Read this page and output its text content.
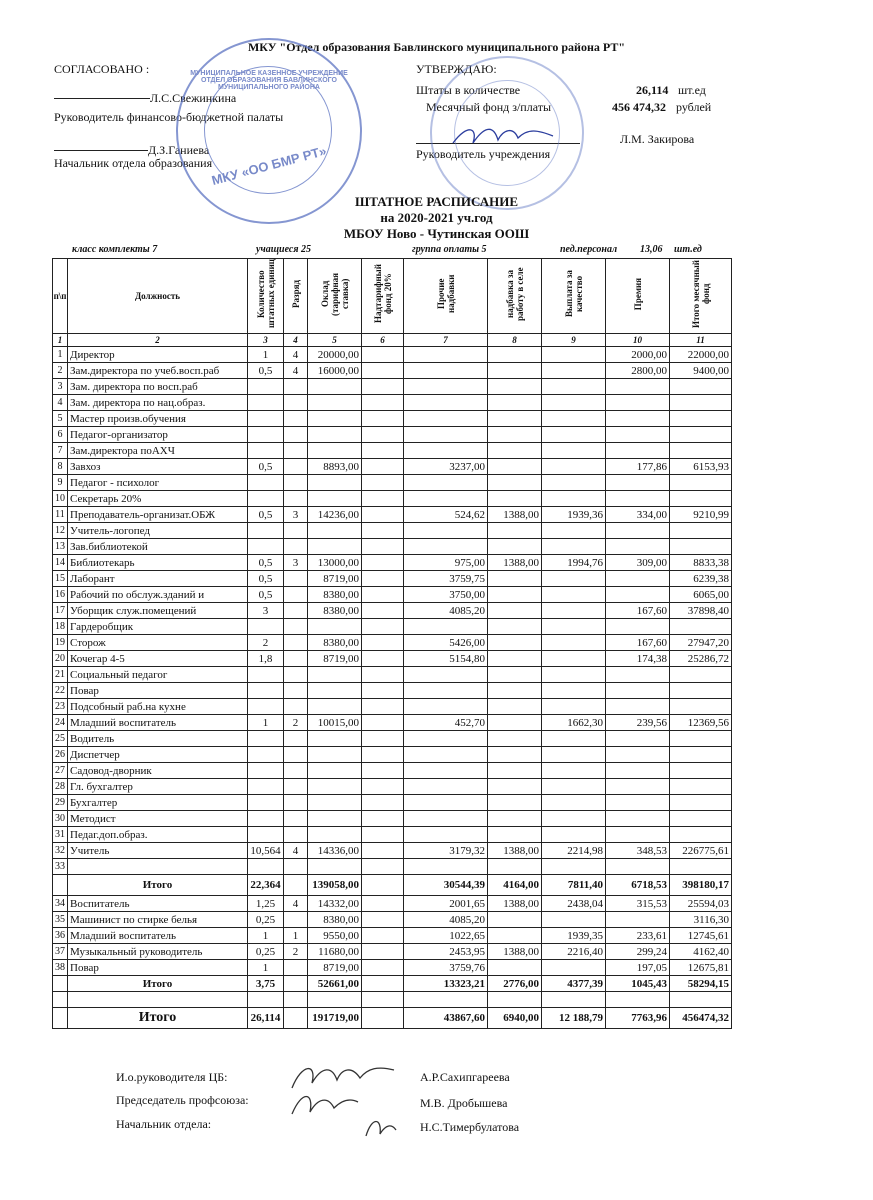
МКУ "Отдел образования Бавлинского муниципального района РТ"
СОГЛАСОВАНО :
Л.С.Свежинкина
Руководитель финансово-бюджетной палаты
Д.З.Ганиева
Начальник отдела образования
УТВЕРЖДАЮ:
Штаты в количестве	26,114 шт.ед
Месячный фонд з/платы	456 474,32 рублей
Л.М. Закирова
Руководитель учреждения
МУНИЦИПАЛЬНОЕ КАЗЕННОЕ УЧРЕЖДЕНИЕ ОТДЕЛ ОБРАЗОВАНИЯ БАВЛИНСКОГО МУНИЦИПАЛЬНОГО РАЙОНА
МКУ «ОО БМР РТ»
ШТАТНОЕ РАСПИСАНИЕ
на 2020-2021 уч.год
МБОУ Ново - Чутинская ООШ
класс комплекты 7	учащиеся 25	группа оплаты 5	пед.персонал 13,06 шт.ед
п\п	Должность	Количество штатных единиц	Разряд	Оклад (тарифная ставка)	Надтарифный фонд 20%	Прочие надбавки	надбавка за работу в селе	Выплата за качество	Премия	Итого месячный фонд
1	2	3	4	5	6	7	8	9	10	11
1	Директор	1	4	20000,00					2000,00	22000,00
2	Зам.директора по учеб.восп.раб	0,5	4	16000,00					2800,00	9400,00
3	Зам. директора по восп.раб									
4	Зам. директора по нац.образ.									
5	Мастер произв.обучения									
6	Педагог-организатор									
7	Зам.директора поАХЧ									
8	Завхоз	0,5		8893,00		3237,00			177,86	6153,93
9	Педагог - психолог									
10	Секретарь 20%									
11	Преподаватель-организат.ОБЖ	0,5	3	14236,00		524,62	1388,00	1939,36	334,00	9210,99
12	Учитель-логопед									
13	Зав.библиотекой									
14	Библиотекарь	0,5	3	13000,00		975,00	1388,00	1994,76	309,00	8833,38
15	Лаборант	0,5		8719,00		3759,75				6239,38
16	Рабочий по обслуж.зданий и	0,5		8380,00		3750,00				6065,00
17	Уборщик служ.помещений	3		8380,00		4085,20			167,60	37898,40
18	Гардеробщик									
19	Сторож	2		8380,00		5426,00			167,60	27947,20
20	Кочегар 4-5	1,8		8719,00		5154,80			174,38	25286,72
21	Социальный педагог									
22	Повар									
23	Подсобный раб.на кухне									
24	Младший воспитатель	1	2	10015,00		452,70		1662,30	239,56	12369,56
25	Водитель									
26	Диспетчер									
27	Садовод-дворник									
28	Гл. бухгалтер									
29	Бухгалтер									
30	Методист									
31	Педаг.доп.образ.									
32	Учитель	10,564	4	14336,00		3179,32	1388,00	2214,98	348,53	226775,61
33										
	Итого	22,364		139058,00		30544,39	4164,00	7811,40	6718,53	398180,17
34	Воспитатель	1,25	4	14332,00		2001,65	1388,00	2438,04	315,53	25594,03
35	Машинист по стирке белья	0,25		8380,00		4085,20				3116,30
36	Младший воспитатель	1	1	9550,00		1022,65		1939,35	233,61	12745,61
37	Музыкальный руководитель	0,25	2	11680,00		2453,95	1388,00	2216,40	299,24	4162,40
38	Повар	1		8719,00		3759,76			197,05	12675,81
	Итого	3,75		52661,00		13323,21	2776,00	4377,39	1045,43	58294,15

	Итого	26,114		191719,00		43867,60	6940,00	12 188,79	7763,96	456474,32
И.о.руководителя ЦБ:	А.Р.Сахипгареева
Председатель профсоюза:	М.В. Дробышева
Начальник отдела:	Н.С.Тимербулатова
